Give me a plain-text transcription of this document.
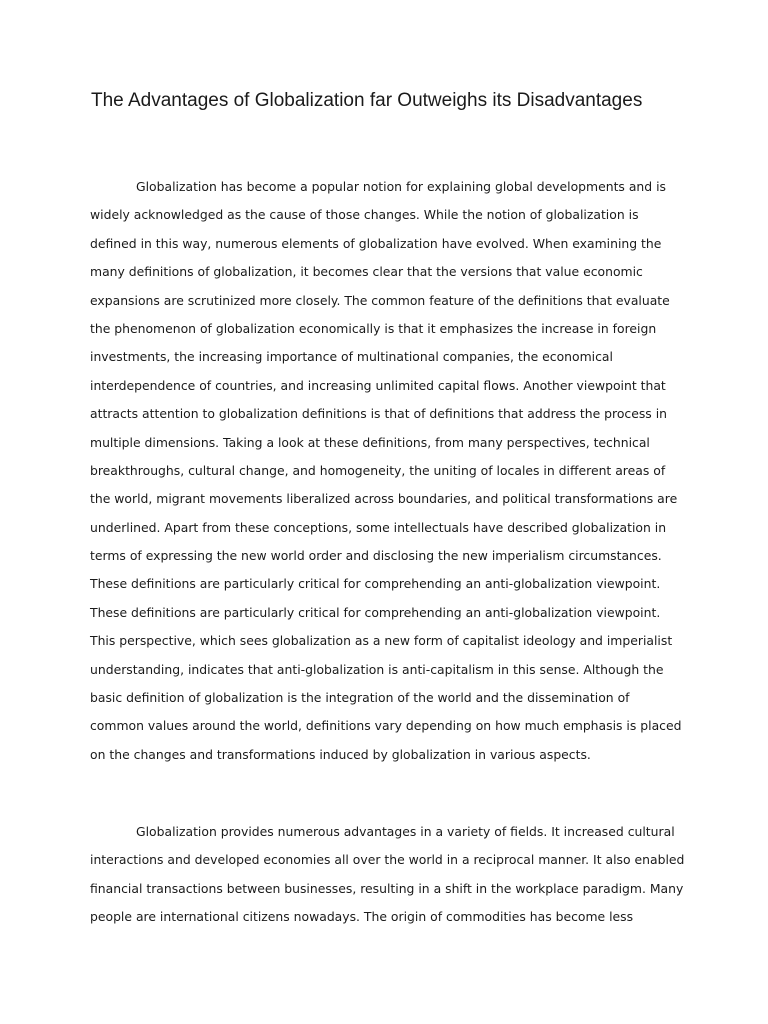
The Advantages of Globalization far Outweighs its Disadvantages
Globalization has become a popular notion for explaining global developments and is
widely acknowledged as the cause of those changes. While the notion of globalization is
defined in this way, numerous elements of globalization have evolved. When examining the
many definitions of globalization, it becomes clear that the versions that value economic
expansions are scrutinized more closely. The common feature of the definitions that evaluate
the phenomenon of globalization economically is that it emphasizes the increase in foreign
investments, the increasing importance of multinational companies, the economical
interdependence of countries, and increasing unlimited capital flows. Another viewpoint that
attracts attention to globalization definitions is that of definitions that address the process in
multiple dimensions. Taking a look at these definitions, from many perspectives, technical
breakthroughs, cultural change, and homogeneity, the uniting of locales in different areas of
the world, migrant movements liberalized across boundaries, and political transformations are
underlined. Apart from these conceptions, some intellectuals have described globalization in
terms of expressing the new world order and disclosing the new imperialism circumstances.
These definitions are particularly critical for comprehending an anti-globalization viewpoint.
These definitions are particularly critical for comprehending an anti-globalization viewpoint.
This perspective, which sees globalization as a new form of capitalist ideology and imperialist
understanding, indicates that anti-globalization is anti-capitalism in this sense. Although the
basic definition of globalization is the integration of the world and the dissemination of
common values around the world, definitions vary depending on how much emphasis is placed
on the changes and transformations induced by globalization in various aspects.
Globalization provides numerous advantages in a variety of fields. It increased cultural
interactions and developed economies all over the world in a reciprocal manner. It also enabled
financial transactions between businesses, resulting in a shift in the workplace paradigm. Many
people are international citizens nowadays. The origin of commodities has become less
